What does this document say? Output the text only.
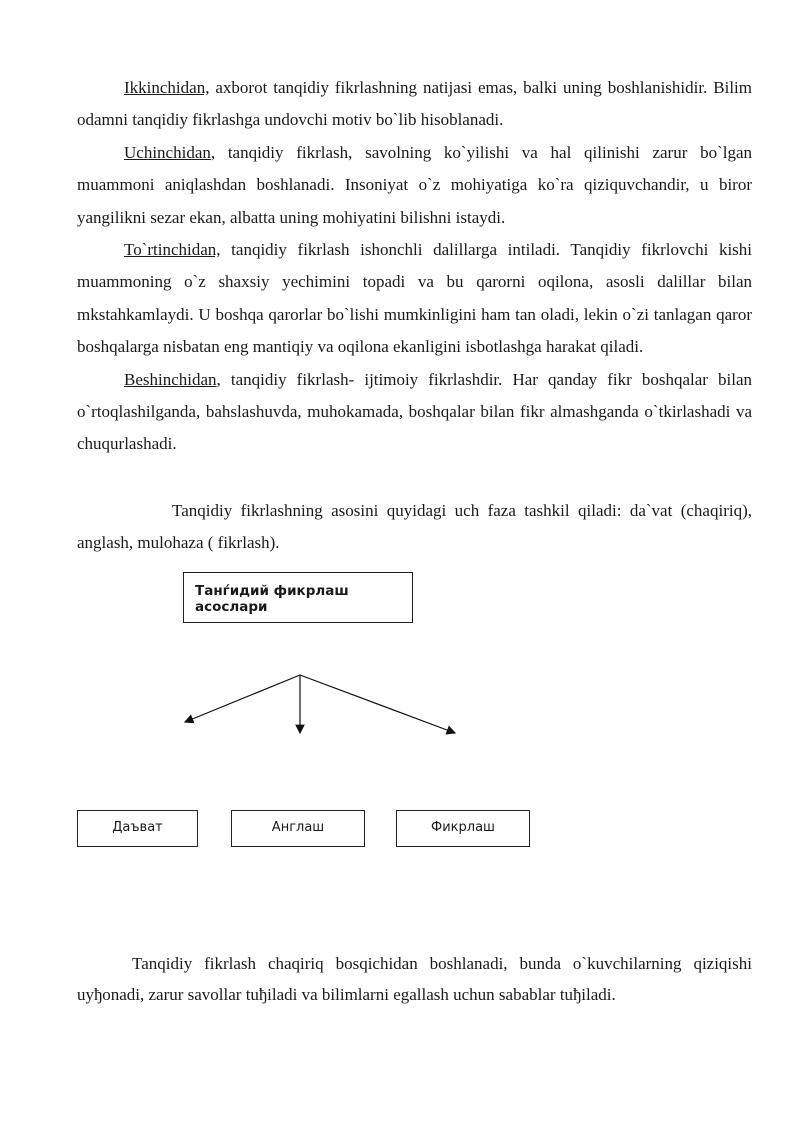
Ikkinchidan, axborot tanqidiy fikrlashning natijasi emas, balki uning boshlanishidir. Bilim odamni tanqidiy fikrlashga undovchi motiv bo`lib hisoblanadi.

Uchinchidan, tanqidiy fikrlash, savolning ko`yilishi va hal qilinishi zarur bo`lgan muammoni aniqlashdan boshlanadi. Insoniyat o`z mohiyatiga ko`ra qiziquvchandir, u biror yangilikni sezar ekan, albatta uning mohiyatini bilishni istaydi.

To`rtinchidan, tanqidiy fikrlash ishonchli dalillarga intiladi. Tanqidiy fikrlovchi kishi muammoning o`z shaxsiy yechimini topadi va bu qarorni oqilona, asosli dalillar bilan mkstahkamlaydi. U boshqa qarorlar bo`lishi mumkinligini ham tan oladi, lekin o`zi tanlagan qaror boshqalarga nisbatan eng mantiqiy va oqilona ekanligini isbotlashga harakat qiladi.

Beshinchidan, tanqidiy fikrlash- ijtimoiy fikrlashdir. Har qanday fikr boshqalar bilan o`rtoqlashilganda, bahslashuvda, muhokamada, boshqalar bilan fikr almashganda o`tkirlashadi va chuqurlashadi.

Tanqidiy fikrlashning asosini quyidagi uch faza tashkil qiladi: da`vat (chaqiriq), anglash, mulohaza ( fikrlash).

Танѓидий фикрлаш асослари
Даъват	Англаш	Фикрлаш

Tanqidiy fikrlash chaqiriq bosqichidan boshlanadi, bunda o`kuvchilarning qiziqishi uyђonadi, zarur savollar tuђiladi va bilimlarni egallash uchun sabablar tuђiladi.
